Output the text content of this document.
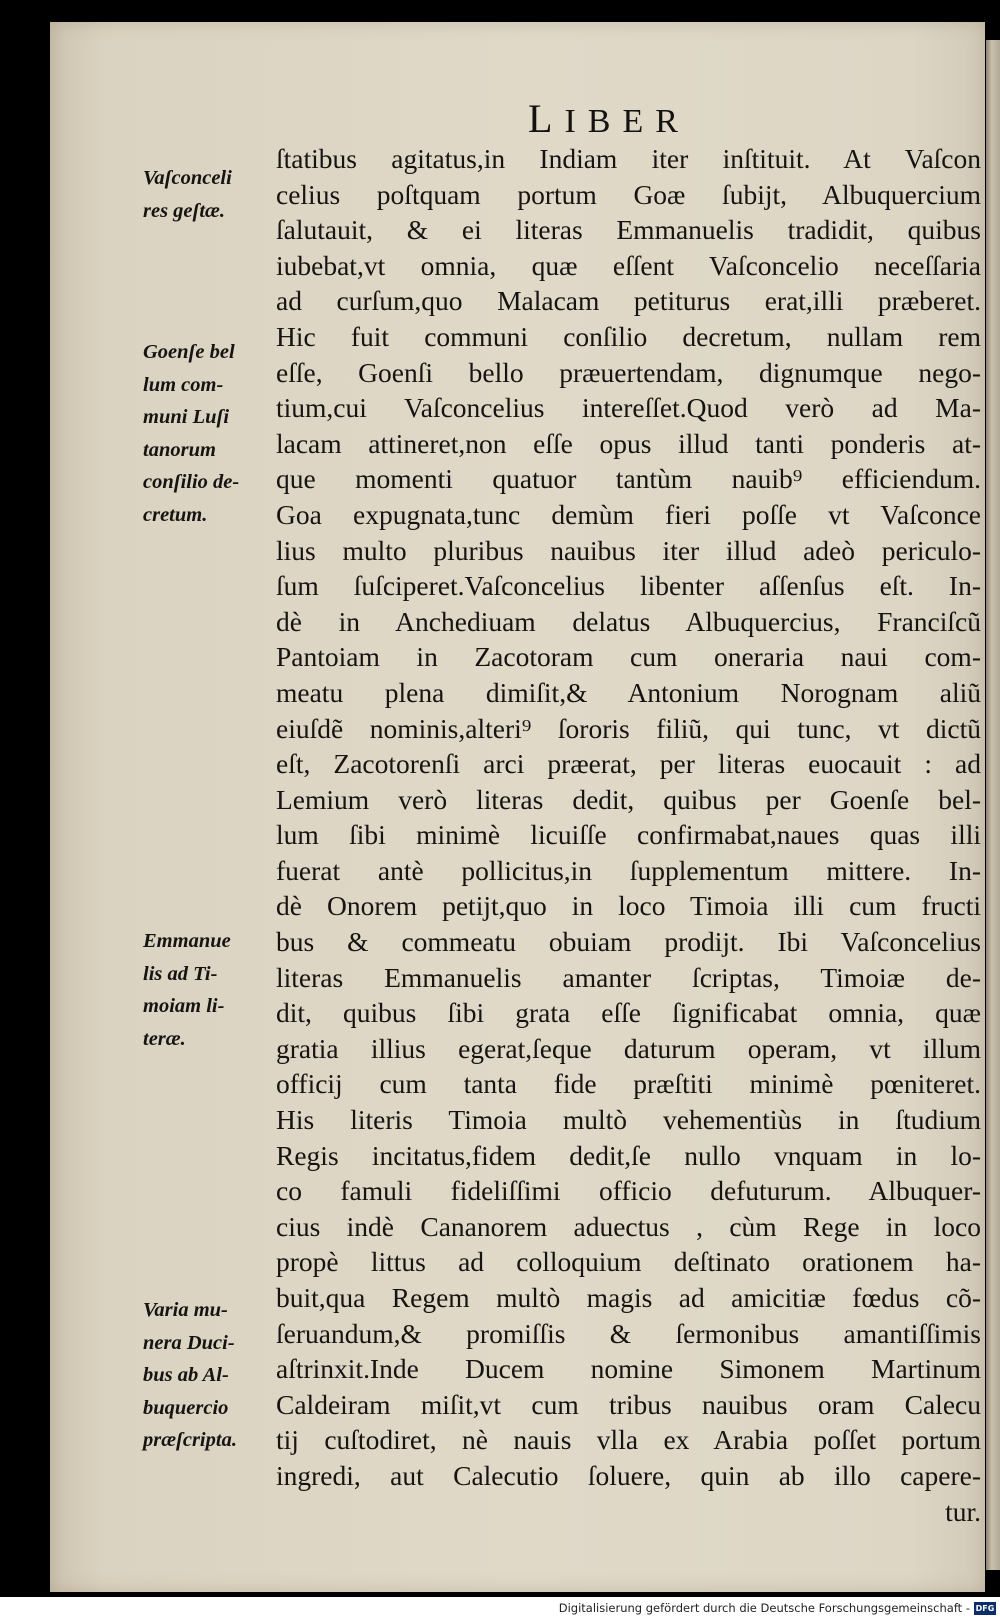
LIBER
Vaſconceli
res geſtæ.
Goenſe bel
lum com-
muni Luſi
tanorum
conſilio de-
cretum.
Emmanue
lis ad Ti-
moiam li-
teræ.
Varia mu-
nera Duci-
bus ab Al-
buquercio
præſcripta.
ſtatibus agitatus,in Indiam iter inſtituit. At Vaſcon
celius poſtquam portum Goæ ſubijt, Albuquercium
ſalutauit, & ei literas Emmanuelis tradidit, quibus
iubebat,vt omnia, quæ eſſent Vaſconcelio neceſſaria
ad curſum,quo Malacam petiturus erat,illi præberet.
Hic fuit communi conſilio decretum, nullam rem
eſſe, Goenſi bello præuertendam, dignumque nego-
tium,cui Vaſconcelius intereſſet.Quod verò ad Ma-
lacam attineret,non eſſe opus illud tanti ponderis at-
que momenti quatuor tantùm nauib⁹ efficiendum.
Goa expugnata,tunc demùm fieri poſſe vt Vaſconce
lius multo pluribus nauibus iter illud adeò periculo-
ſum ſuſciperet.Vaſconcelius libenter aſſenſus eſt. In-
dè in Anchediuam delatus Albuquercius, Franciſcũ
Pantoiam in Zacotoram cum oneraria naui com-
meatu plena dimiſit,& Antonium Norognam aliũ
eiuſdẽ nominis,alteri⁹ ſororis filiũ, qui tunc, vt dictũ
eſt, Zacotorenſi arci præerat, per literas euocauit : ad
Lemium verò literas dedit, quibus per Goenſe bel-
lum ſibi minimè licuiſſe confirmabat,naues quas illi
fuerat antè pollicitus,in ſupplementum mittere. In-
dè Onorem petijt,quo in loco Timoia illi cum fructi
bus & commeatu obuiam prodijt. Ibi Vaſconcelius
literas Emmanuelis amanter ſcriptas, Timoiæ de-
dit, quibus ſibi grata eſſe ſignificabat omnia, quæ
gratia illius egerat,ſeque daturum operam, vt illum
officij cum tanta fide præſtiti minimè pœniteret.
His literis Timoia multò vehementiùs in ſtudium
Regis incitatus,fidem dedit,ſe nullo vnquam in lo-
co famuli fideliſſimi officio defuturum. Albuquer-
cius indè Cananorem aduectus , cùm Rege in loco
propè littus ad colloquium deſtinato orationem ha-
buit,qua Regem multò magis ad amicitiæ fœdus cõ-
ſeruandum,& promiſſis & ſermonibus amantiſſimis
aſtrinxit.Inde Ducem nomine Simonem Martinum
Caldeiram miſit,vt cum tribus nauibus oram Calecu
tij cuſtodiret, nè nauis vlla ex Arabia poſſet portum
ingredi, aut Calecutio ſoluere, quin ab illo capere-
tur.
Digitalisierung gefördert durch die Deutsche Forschungsgemeinschaft - DFG
